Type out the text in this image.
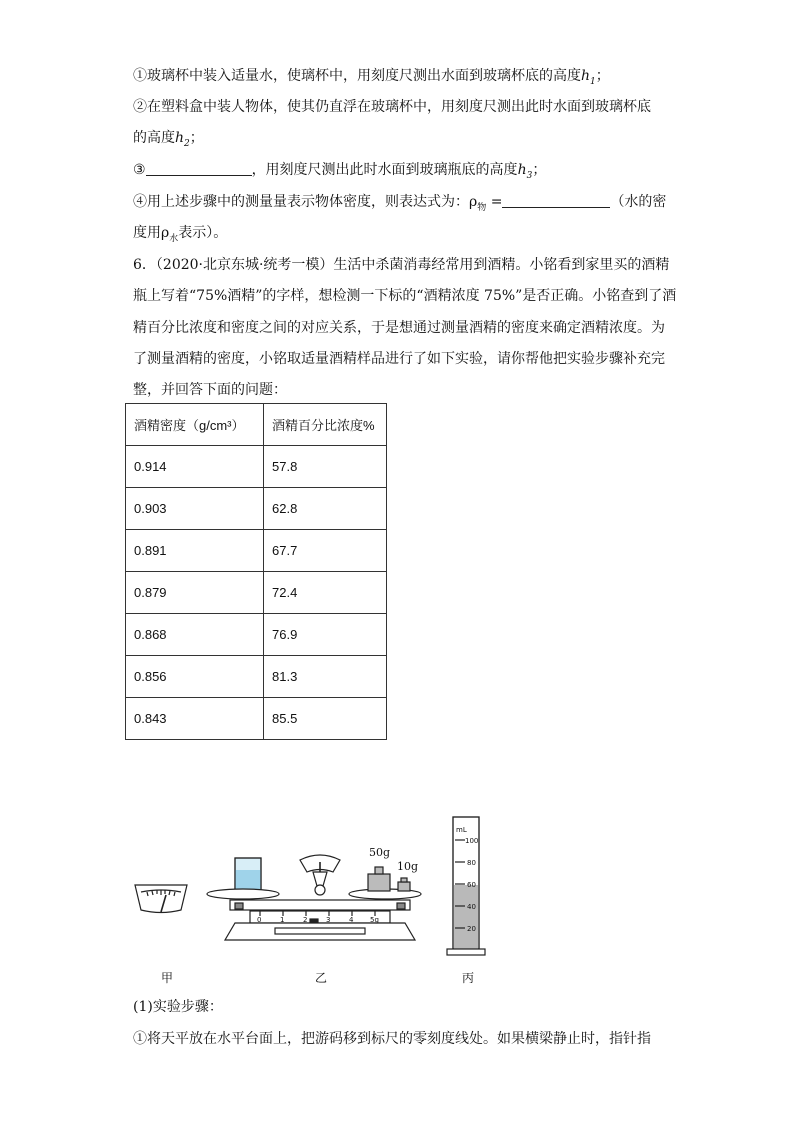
①玻璃杯中装入适量水，使璃杯中，用刻度尺测出水面到玻璃杯底的高度$h_1$；
②在塑料盒中装人物体，使其仍直浮在玻璃杯中，用刻度尺测出此时水面到玻璃杯底
的高度$h_2$；
③	，用刻度尺测出此时水面到玻璃瓶底的高度$h_3$；
④用上述步骤中的测量量表示物体密度，则表达式为：$\rho_物$ =	（水的密
度用$\rho_水$表示）。
6．（2020·北京东城·统考一模）生活中杀菌消毒经常用到酒精。小铭看到家里买的酒精
瓶上写着“75%酒精”的字样，想检测一下标的“酒精浓度 75%”是否正确。小铭查到了酒
精百分比浓度和密度之间的对应关系，于是想通过测量酒精的密度来确定酒精浓度。为
了测量酒精的密度，小铭取适量酒精样品进行了如下实验，请你帮他把实验步骤补充完
整，并回答下面的问题：
酒精密度（g/cm³）	酒精百分比浓度%
0.914	57.8
0.903	62.8
0.891	67.7
0.879	72.4
0.868	76.9
0.856	81.3
0.843	85.5
50g
10g
0	1	2	3	4 5g
mL
100
80
60
40
20
甲	乙	丙
(1)实验步骤：
①将天平放在水平台面上，把游码移到标尺的零刻度线处。如果横梁静止时，指针指
